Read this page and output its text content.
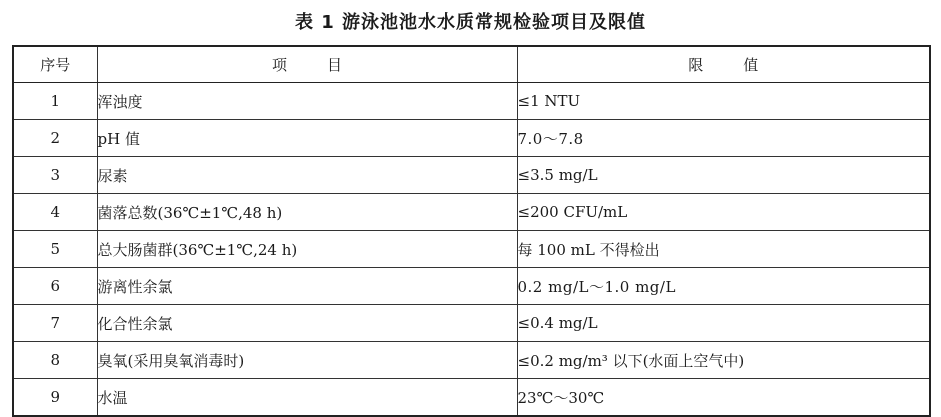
表 1 游泳池池水水质常规检验项目及限值
序号	项 目	限 值
1	浑浊度	≤1 NTU
2	pH 值	7.0～7.8
3	尿素	≤3.5 mg/L
4	菌落总数(36℃±1℃,48 h)	≤200 CFU/mL
5	总大肠菌群(36℃±1℃,24 h)	每 100 mL 不得检出
6	游离性余氯	0.2 mg/L～1.0 mg/L
7	化合性余氯	≤0.4 mg/L
8	臭氧(采用臭氧消毒时)	≤0.2 mg/m³ 以下(水面上空气中)
9	水温	23℃～30℃
